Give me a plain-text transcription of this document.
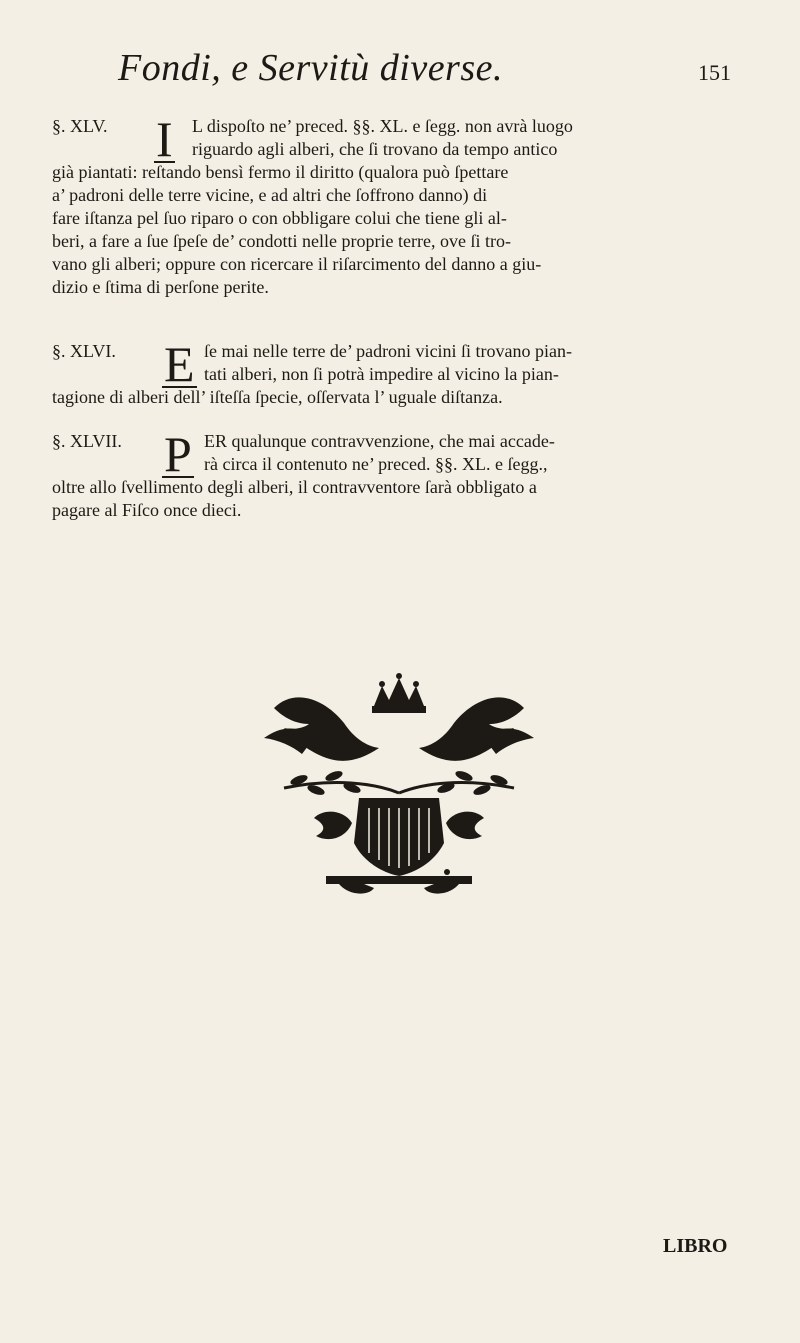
Fondi, e Servitù diverse.	151
§. XLV. I L dispoſto ne’ preced. §§. XL. e ſegg. non avrà luogo
riguardo agli alberi, che ſi trovano da tempo antico
già piantati: reſtando bensì fermo il diritto (qualora può ſpettare
a’ padroni delle terre vicine, e ad altri che ſoffrono danno) di
fare iſtanza pel ſuo riparo o con obbligare colui che tiene gli al-
beri, a fare a ſue ſpeſe de’ condotti nelle proprie terre, ove ſi tro-
vano gli alberi; oppure con ricercare il riſarcimento del danno a giu-
dizio e ſtima di perſone perite.
§. XLVI. E ſe mai nelle terre de’ padroni vicini ſi trovano pian-
tati alberi, non ſi potrà impedire al vicino la pian-
tagione di alberi dell’ iſteſſa ſpecie, oſſervata l’ uguale diſtanza.
§. XLVII. P ER qualunque contravvenzione, che mai accade-
rà circa il contenuto ne’ preced. §§. XL. e ſegg.,
oltre allo ſvellimento degli alberi, il contravventore ſarà obbligato a
pagare al Fiſco once dieci.
LIBRO
